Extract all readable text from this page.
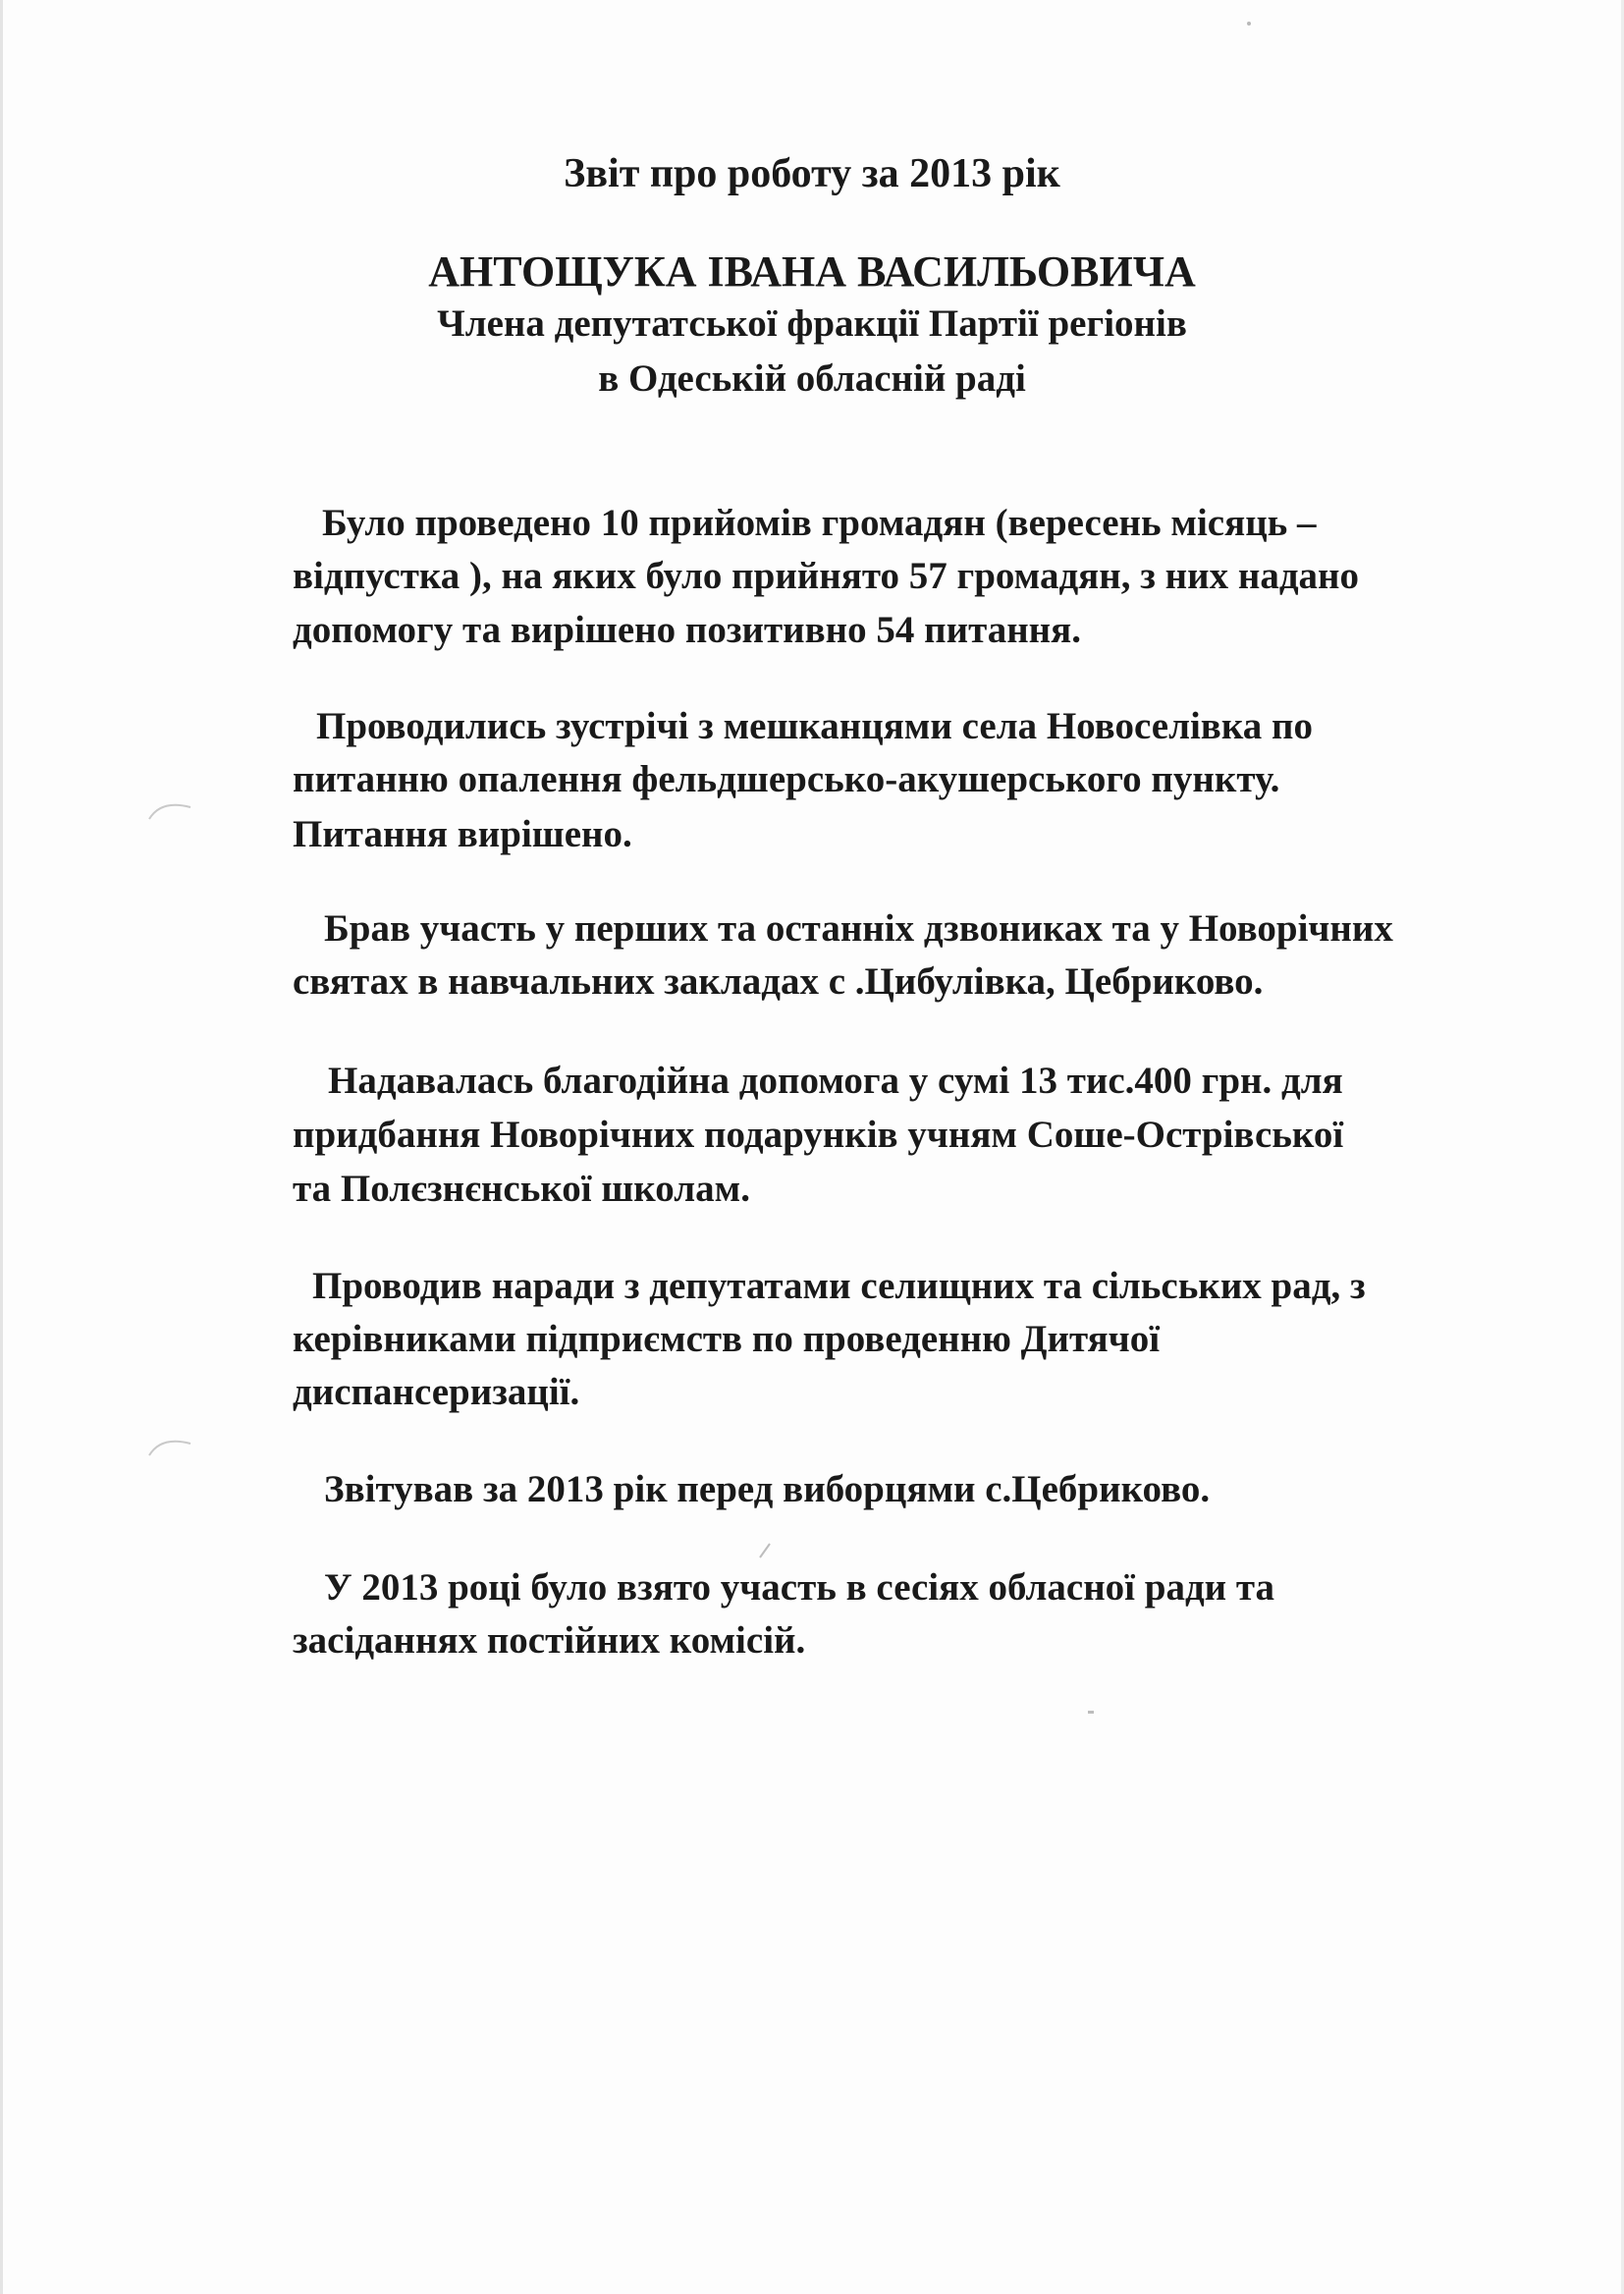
Звіт про роботу за 2013 рік
АНТОЩУКА ІВАНА ВАСИЛЬОВИЧА
Члена депутатської фракції Партії регіонів
в Одеській обласній раді
Було проведено 10 прийомів громадян (вересень місяць –
відпустка ), на яких було прийнято 57 громадян, з них надано
допомогу та вирішено позитивно 54 питання.
Проводились зустрічі з мешканцями села Новоселівка по
питанню опалення фельдшерсько-акушерського пункту.
Питання вирішено.
Брав участь у перших та останніх дзвониках та у Новорічних
святах в навчальних закладах с .Цибулівка, Цебриково.
Надавалась благодійна допомога у сумі 13 тис.400 грн. для
придбання Новорічних подарунків учням Соше-Острівської
та Полєзнєнської школам.
Проводив наради з депутатами селищних та сільських рад, з
керівниками підприємств по проведенню Дитячої
диспансеризації.
Звітував за 2013 рік перед виборцями с.Цебриково.
У 2013 році було взято участь в сесіях обласної ради та
засіданнях постійних комісій.
